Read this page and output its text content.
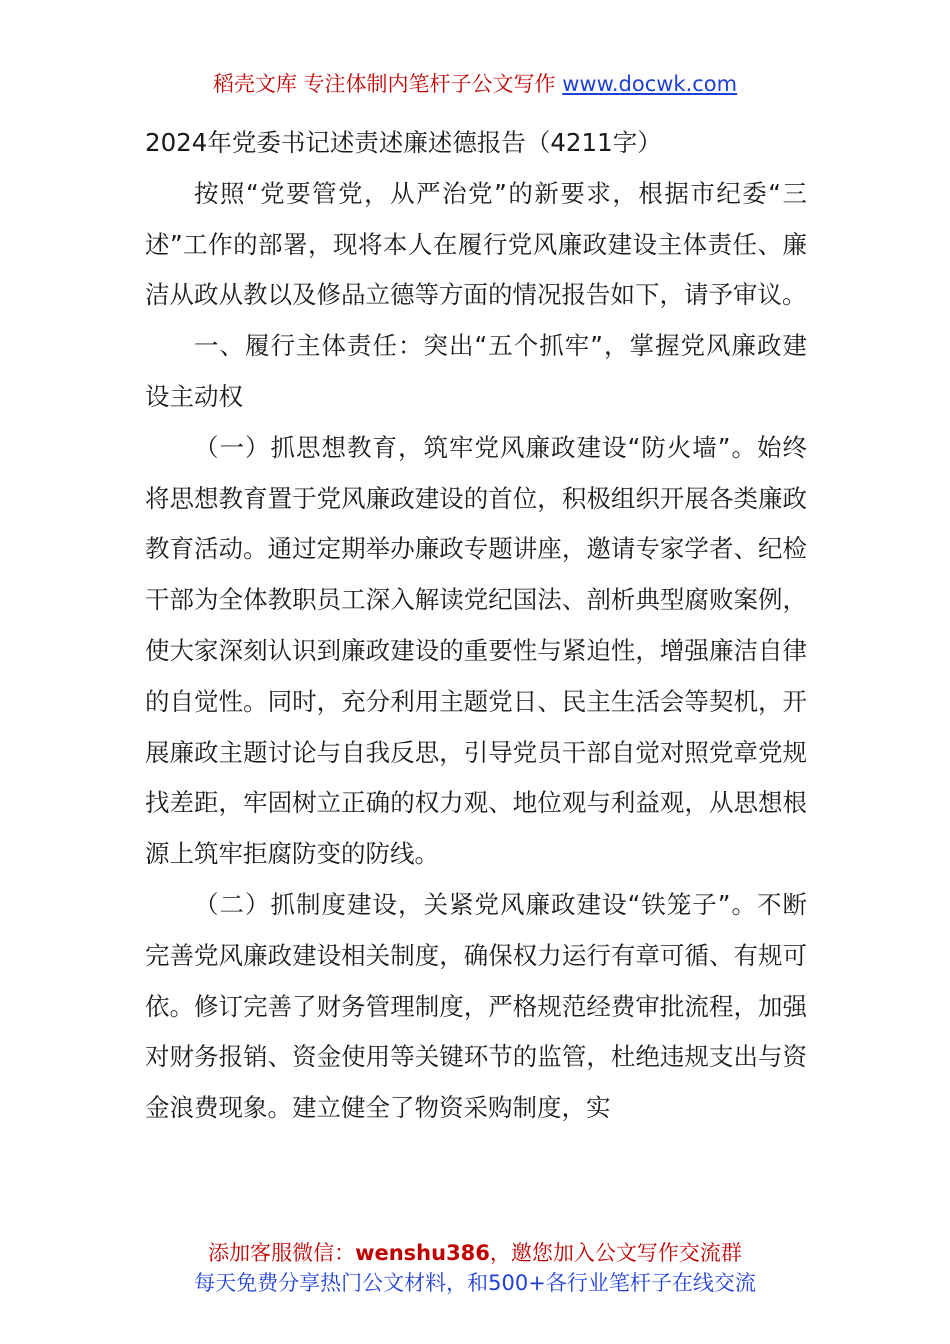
稻壳文库 专注体制内笔杆子公文写作 www.docwk.com

2024年党委书记述责述廉述德报告（4211字）

按照“党要管党，从严治党”的新要求，根据市纪委“三述”工作的部署，现将本人在履行党风廉政建设主体责任、廉洁从政从教以及修品立德等方面的情况报告如下，请予审议。

一、履行主体责任：突出“五个抓牢”，掌握党风廉政建设主动权

（一）抓思想教育，筑牢党风廉政建设“防火墙”。始终将思想教育置于党风廉政建设的首位，积极组织开展各类廉政教育活动。通过定期举办廉政专题讲座，邀请专家学者、纪检干部为全体教职员工深入解读党纪国法、剖析典型腐败案例，使大家深刻认识到廉政建设的重要性与紧迫性，增强廉洁自律的自觉性。同时，充分利用主题党日、民主生活会等契机，开展廉政主题讨论与自我反思，引导党员干部自觉对照党章党规找差距，牢固树立正确的权力观、地位观与利益观，从思想根源上筑牢拒腐防变的防线。

（二）抓制度建设，关紧党风廉政建设“铁笼子”。不断完善党风廉政建设相关制度，确保权力运行有章可循、有规可依。修订完善了财务管理制度，严格规范经费审批流程，加强对财务报销、资金使用等关键环节的监管，杜绝违规支出与资金浪费现象。建立健全了物资采购制度，实

添加客服微信：wenshu386，邀您加入公文写作交流群
每天免费分享热门公文材料，和500+各行业笔杆子在线交流
